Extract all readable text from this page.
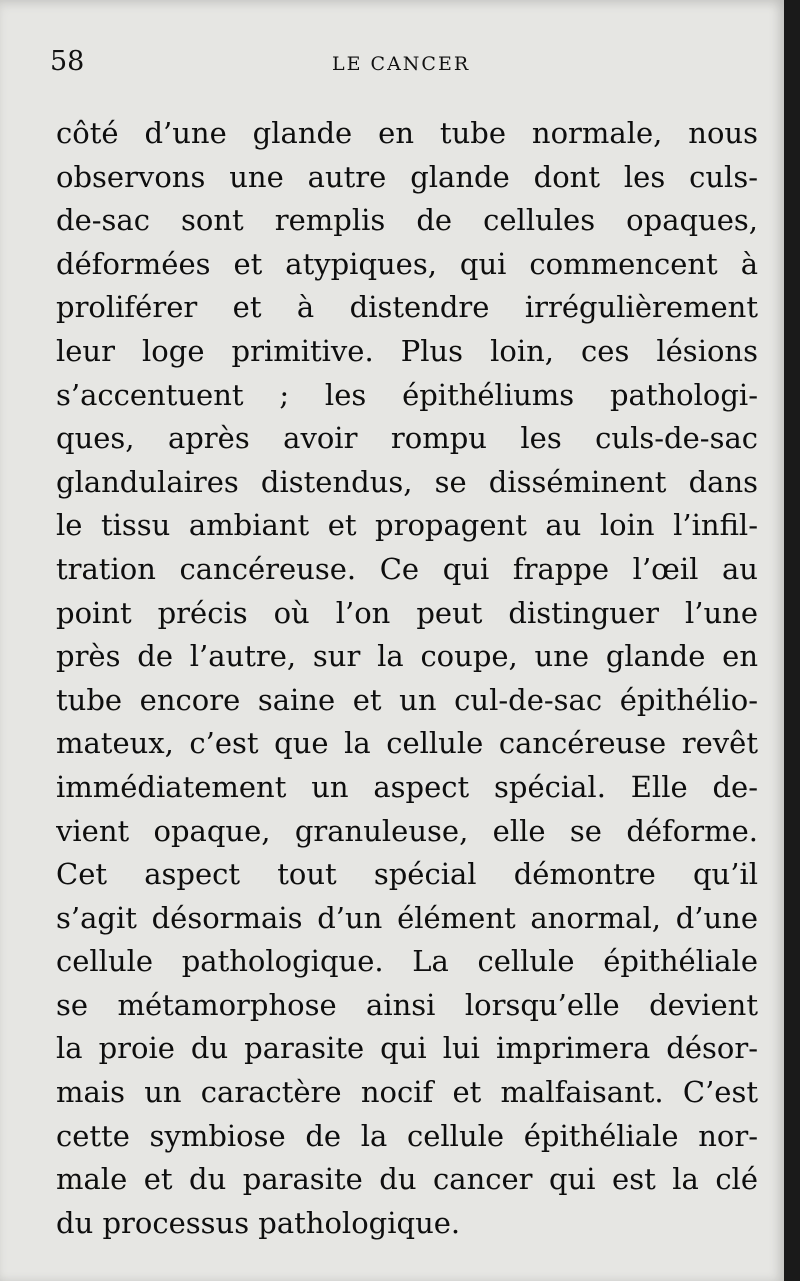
58	LE CANCER
côté d’une glande en tube normale, nous
observons une autre glande dont les culs-
de-sac sont remplis de cellules opaques,
déformées et atypiques, qui commencent à
proliférer et à distendre irrégulièrement
leur loge primitive. Plus loin, ces lésions
s’accentuent ; les épithéliums pathologi-
ques, après avoir rompu les culs-de-sac
glandulaires distendus, se disséminent dans
le tissu ambiant et propagent au loin l’infil-
tration cancéreuse. Ce qui frappe l’œil au
point précis où l’on peut distinguer l’une
près de l’autre, sur la coupe, une glande en
tube encore saine et un cul-de-sac épithélio-
mateux, c’est que la cellule cancéreuse revêt
immédiatement un aspect spécial. Elle de-
vient opaque, granuleuse, elle se déforme.
Cet aspect tout spécial démontre qu’il
s’agit désormais d’un élément anormal, d’une
cellule pathologique. La cellule épithéliale
se métamorphose ainsi lorsqu’elle devient
la proie du parasite qui lui imprimera désor-
mais un caractère nocif et malfaisant. C’est
cette symbiose de la cellule épithéliale nor-
male et du parasite du cancer qui est la clé
du processus pathologique.
